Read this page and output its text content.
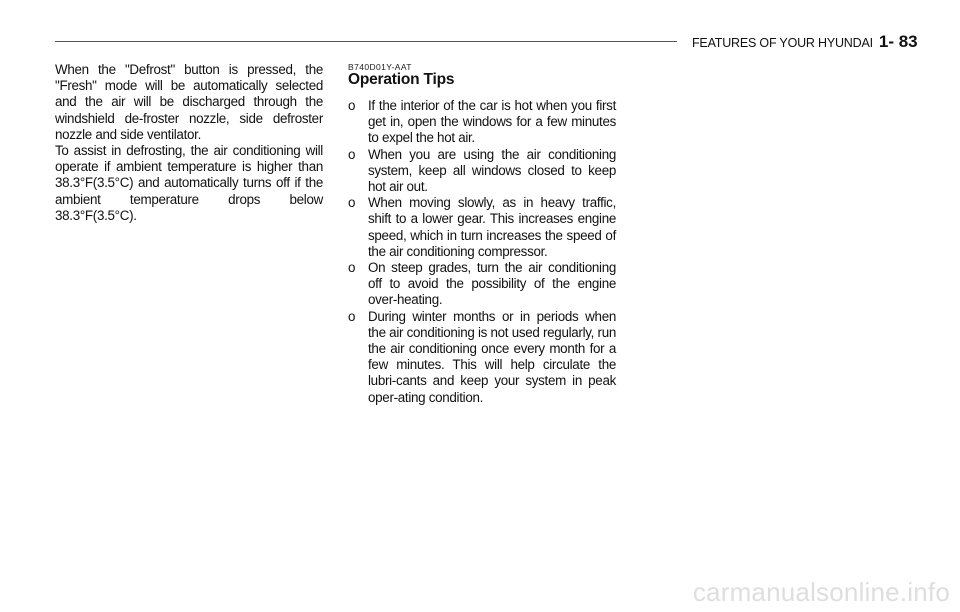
FEATURES OF YOUR HYUNDAI 1- 83

When the "Defrost" button is pressed, the "Fresh" mode will be automatically selected and the air will be discharged through the windshield de-froster nozzle, side defroster nozzle and side ventilator.

To assist in defrosting, the air conditioning will operate if ambient temperature is higher than 38.3°F(3.5°C) and automatically turns off if the ambient temperature drops below 38.3°F(3.5°C).

B740D01Y-AAT
Operation Tips
o If the interior of the car is hot when you first get in, open the windows for a few minutes to expel the hot air.
o When you are using the air conditioning system, keep all windows closed to keep hot air out.
o When moving slowly, as in heavy traffic, shift to a lower gear. This increases engine speed, which in turn increases the speed of the air conditioning compressor.
o On steep grades, turn the air conditioning off to avoid the possibility of the engine over-heating.
o During winter months or in periods when the air conditioning is not used regularly, run the air conditioning once every month for a few minutes. This will help circulate the lubri-cants and keep your system in peak oper-ating condition.
carmanualsonline.info
